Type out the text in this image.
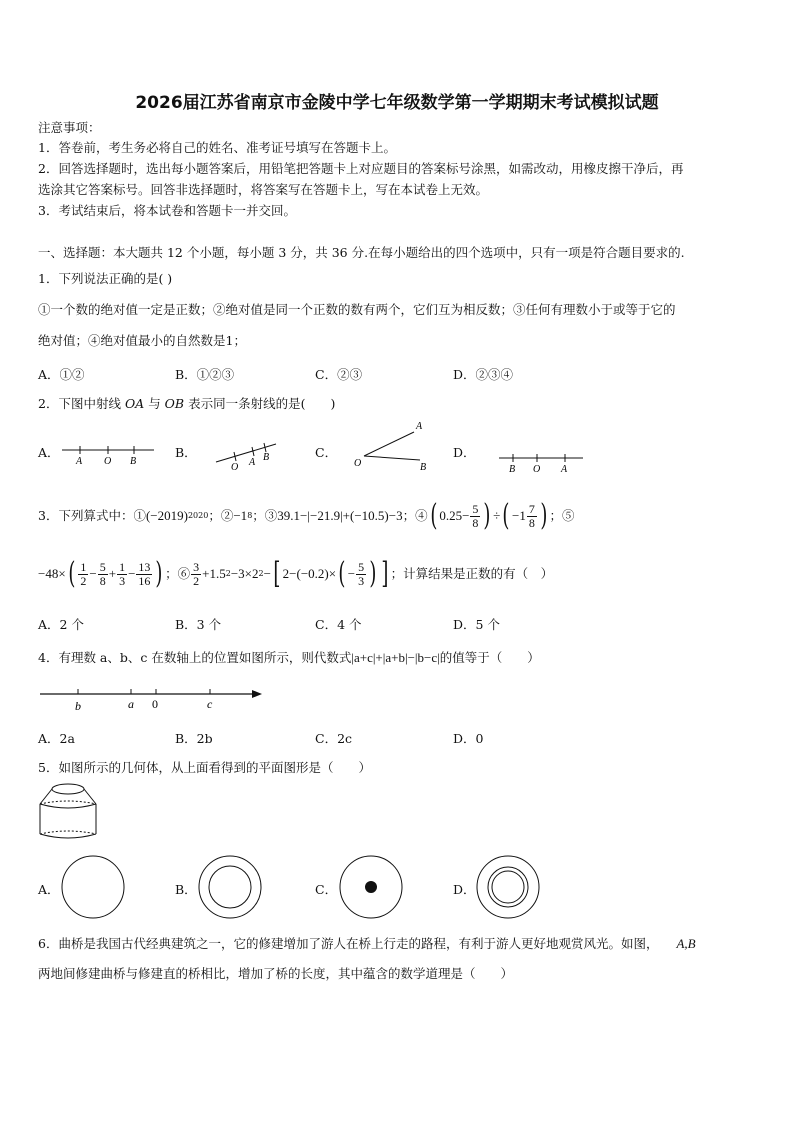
2026届江苏省南京市金陵中学七年级数学第一学期期末考试模拟试题
注意事项：
1．答卷前，考生务必将自己的姓名、准考证号填写在答题卡上。
2．回答选择题时，选出每小题答案后，用铅笔把答题卡上对应题目的答案标号涂黑，如需改动，用橡皮擦干净后，再
选涂其它答案标号。回答非选择题时，将答案写在答题卡上，写在本试卷上无效。
3．考试结束后，将本试卷和答题卡一并交回。
一、选择题：本大题共 12 个小题，每小题 3 分，共 36 分.在每小题给出的四个选项中，只有一项是符合题目要求的.
1．下列说法正确的是( )
①一个数的绝对值一定是正数；②绝对值是同一个正数的数有两个，它们互为相反数；③任何有理数小于或等于它的
绝对值；④绝对值最小的自然数是1；
A．①②	B．①②③	C．②③	D．②③④
2．下图中射线 OA 与 OB 表示同一条射线的是(　　)
A．
A O B
B．
O A B	C．
A
O	B
D．
B O A
3．下列算式中：① (−2019) 2020 ；② −1 8 ；③ 39.1−|−21.9|+(−10.5)−3 ；④ ( $0.25- \frac{5}{8}$ ) ÷ ( $-1 \frac{7}{8}$ ) ；⑤
−48× ( $\frac{1}{2} - \frac{5}{8} + \frac{1}{3} - \frac{13}{16}$ ) ；⑥ $\frac{3}{2} +1.5$ 2 −3×2 2 − [ 2−(−0.2)× ( − $\frac{5}{3}$ ) ] ；计算结果是正数的有（　）
A．2 个	B．3 个	C．4 个	D．5 个
4．有理数 a、b、c 在数轴上的位置如图所示，则代数式|a+c|+|a+b|−|b−c|的值等于（　　）
b	a 0	c
A．2a	B．2b	C．2c	D．0
5．如图所示的几何体，从上面看得到的平面图形是（　　）
A．	B．	C．	D．
6．曲桥是我国古代经典建筑之一，它的修建增加了游人在桥上行走的路程，有利于游人更好地观赏风光。如图， A,B
两地间修建曲桥与修建直的桥相比，增加了桥的长度，其中蕴含的数学道理是（　　）
